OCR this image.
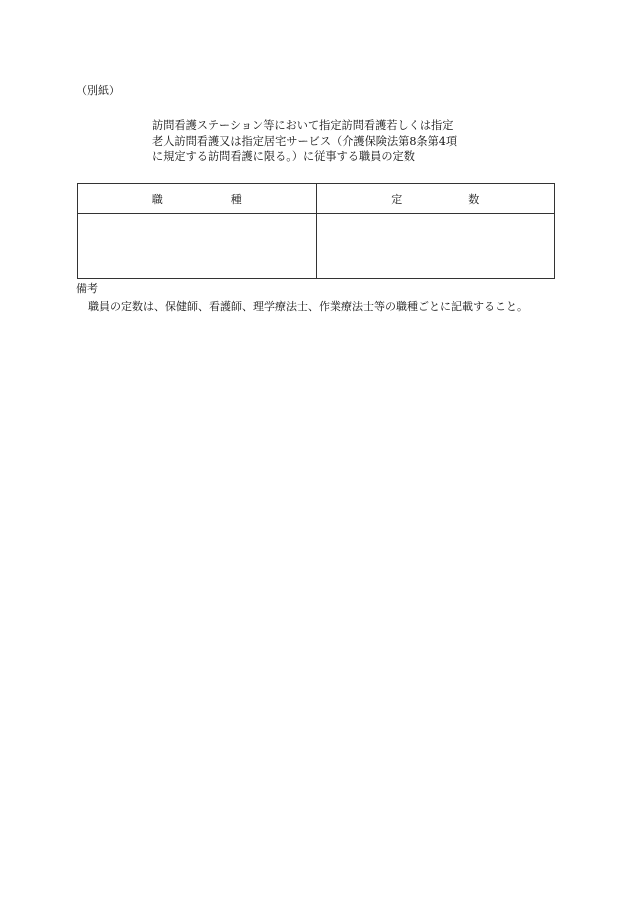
（別紙）
訪問看護ステーション等において指定訪問看護若しくは指定
老人訪問看護又は指定居宅サービス（介護保険法第8条第4項
に規定する訪問看護に限る。）に従事する職員の定数
職 種	定 数

備考
職員の定数は、保健師、看護師、理学療法士、作業療法士等の職種ごとに記載すること。
